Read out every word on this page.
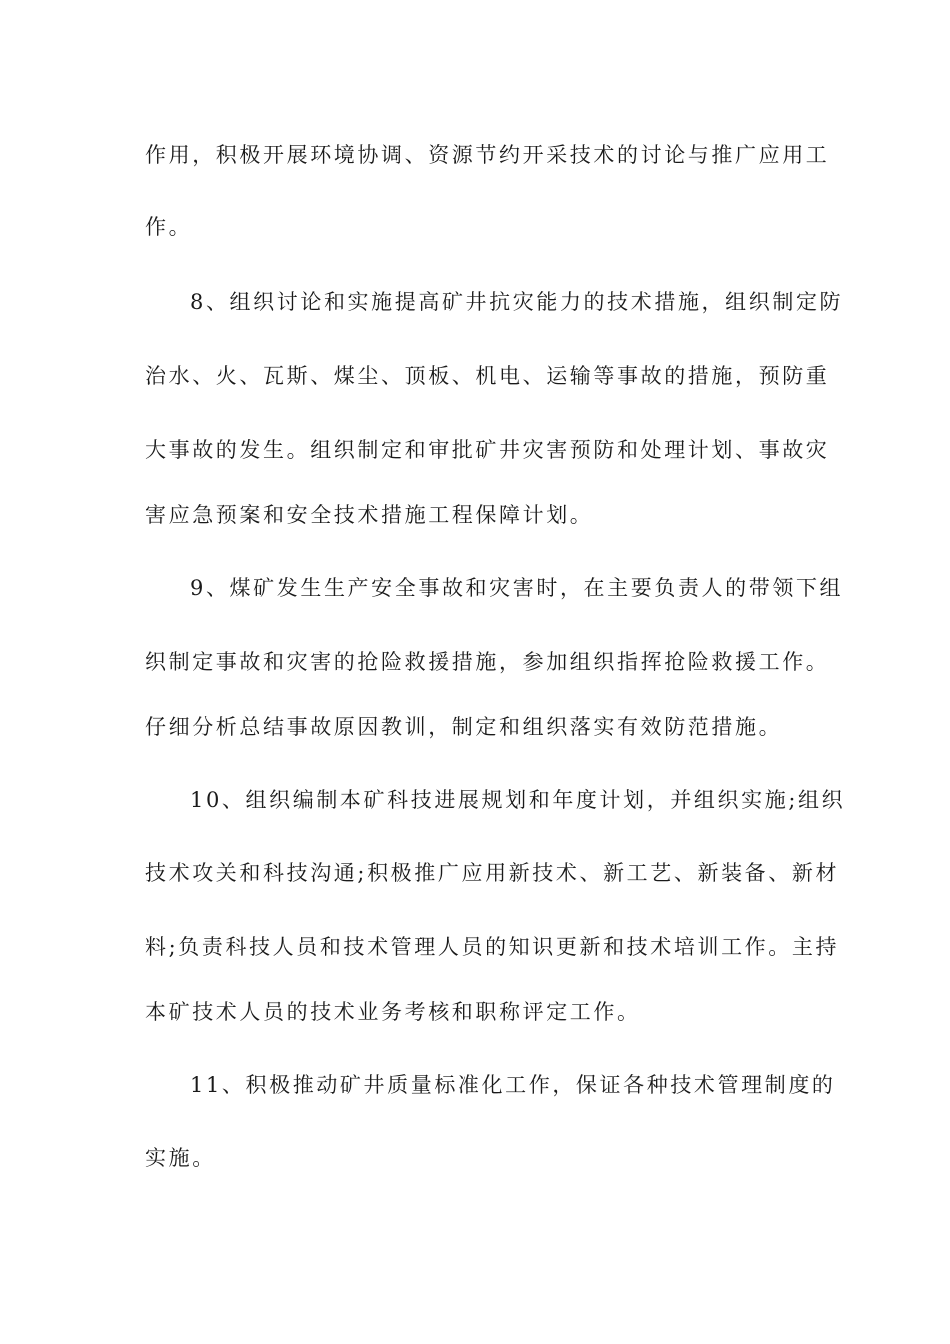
作用，积极开展环境协调、资源节约开采技术的讨论与推广应用工
作。
8、组织讨论和实施提高矿井抗灾能力的技术措施，组织制定防
治水、火、瓦斯、煤尘、顶板、机电、运输等事故的措施，预防重
大事故的发生。组织制定和审批矿井灾害预防和处理计划、事故灾
害应急预案和安全技术措施工程保障计划。
9、煤矿发生生产安全事故和灾害时，在主要负责人的带领下组
织制定事故和灾害的抢险救援措施，参加组织指挥抢险救援工作。
仔细分析总结事故原因教训，制定和组织落实有效防范措施。
10、组织编制本矿科技进展规划和年度计划，并组织实施;组织
技术攻关和科技沟通;积极推广应用新技术、新工艺、新装备、新材
料;负责科技人员和技术管理人员的知识更新和技术培训工作。主持
本矿技术人员的技术业务考核和职称评定工作。
11、积极推动矿井质量标准化工作，保证各种技术管理制度的
实施。
